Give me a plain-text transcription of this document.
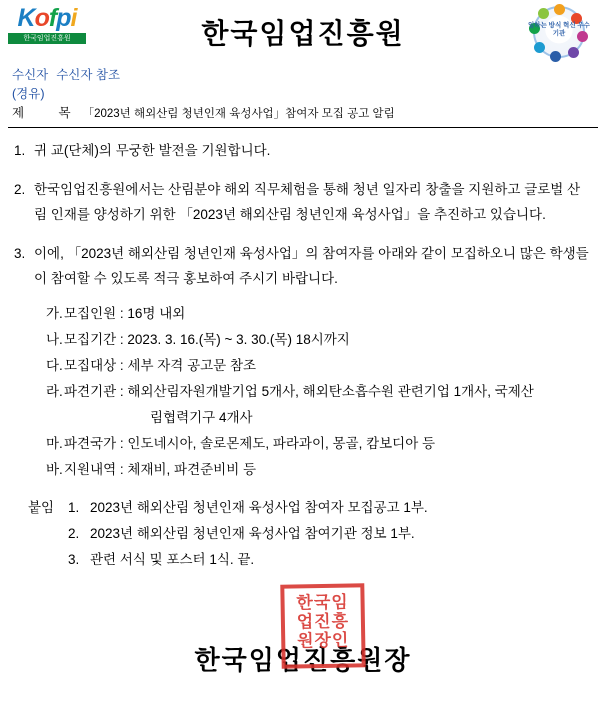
Kofpi
한국임업진흥원	한국임업진흥원	일하는 방식 혁신 우수기관
수신자 수신자 참조
(경유)
제   목 「2023년 해외산림 청년인재 육성사업」참여자 모집 공고 알림
1. 귀 교(단체)의 무궁한 발전을 기원합니다.
2. 한국임업진흥원에서는 산림분야 해외 직무체험을 통해 청년 일자리 창출을 지원하고 글로벌 산림 인재를 양성하기 위한 「2023년 해외산림 청년인재 육성사업」을 추진하고 있습니다.
3. 이에, 「2023년 해외산림 청년인재 육성사업」의 참여자를 아래와 같이 모집하오니 많은 학생들이 참여할 수 있도록 적극 홍보하여 주시기 바랍니다.
가. 모집인원 : 16명 내외
나. 모집기간 : 2023. 3. 16.(목) ~ 3. 30.(목) 18시까지
다. 모집대상 : 세부 자격 공고문 참조
라. 파견기관 : 해외산림자원개발기업 5개사, 해외탄소흡수원 관련기업 1개사, 국제산
림협력기구 4개사
마. 파견국가 : 인도네시아, 솔로몬제도, 파라과이, 몽골, 캄보디아 등
바. 지원내역 : 체재비, 파견준비비 등
붙임	1. 2023년 해외산림 청년인재 육성사업 참여자 모집공고 1부.
2. 2023년 해외산림 청년인재 육성사업 참여기관 정보 1부.
3. 관련 서식 및 포스터 1식. 끝.
한국임
업진흥
원장인
한국임업진흥원장
